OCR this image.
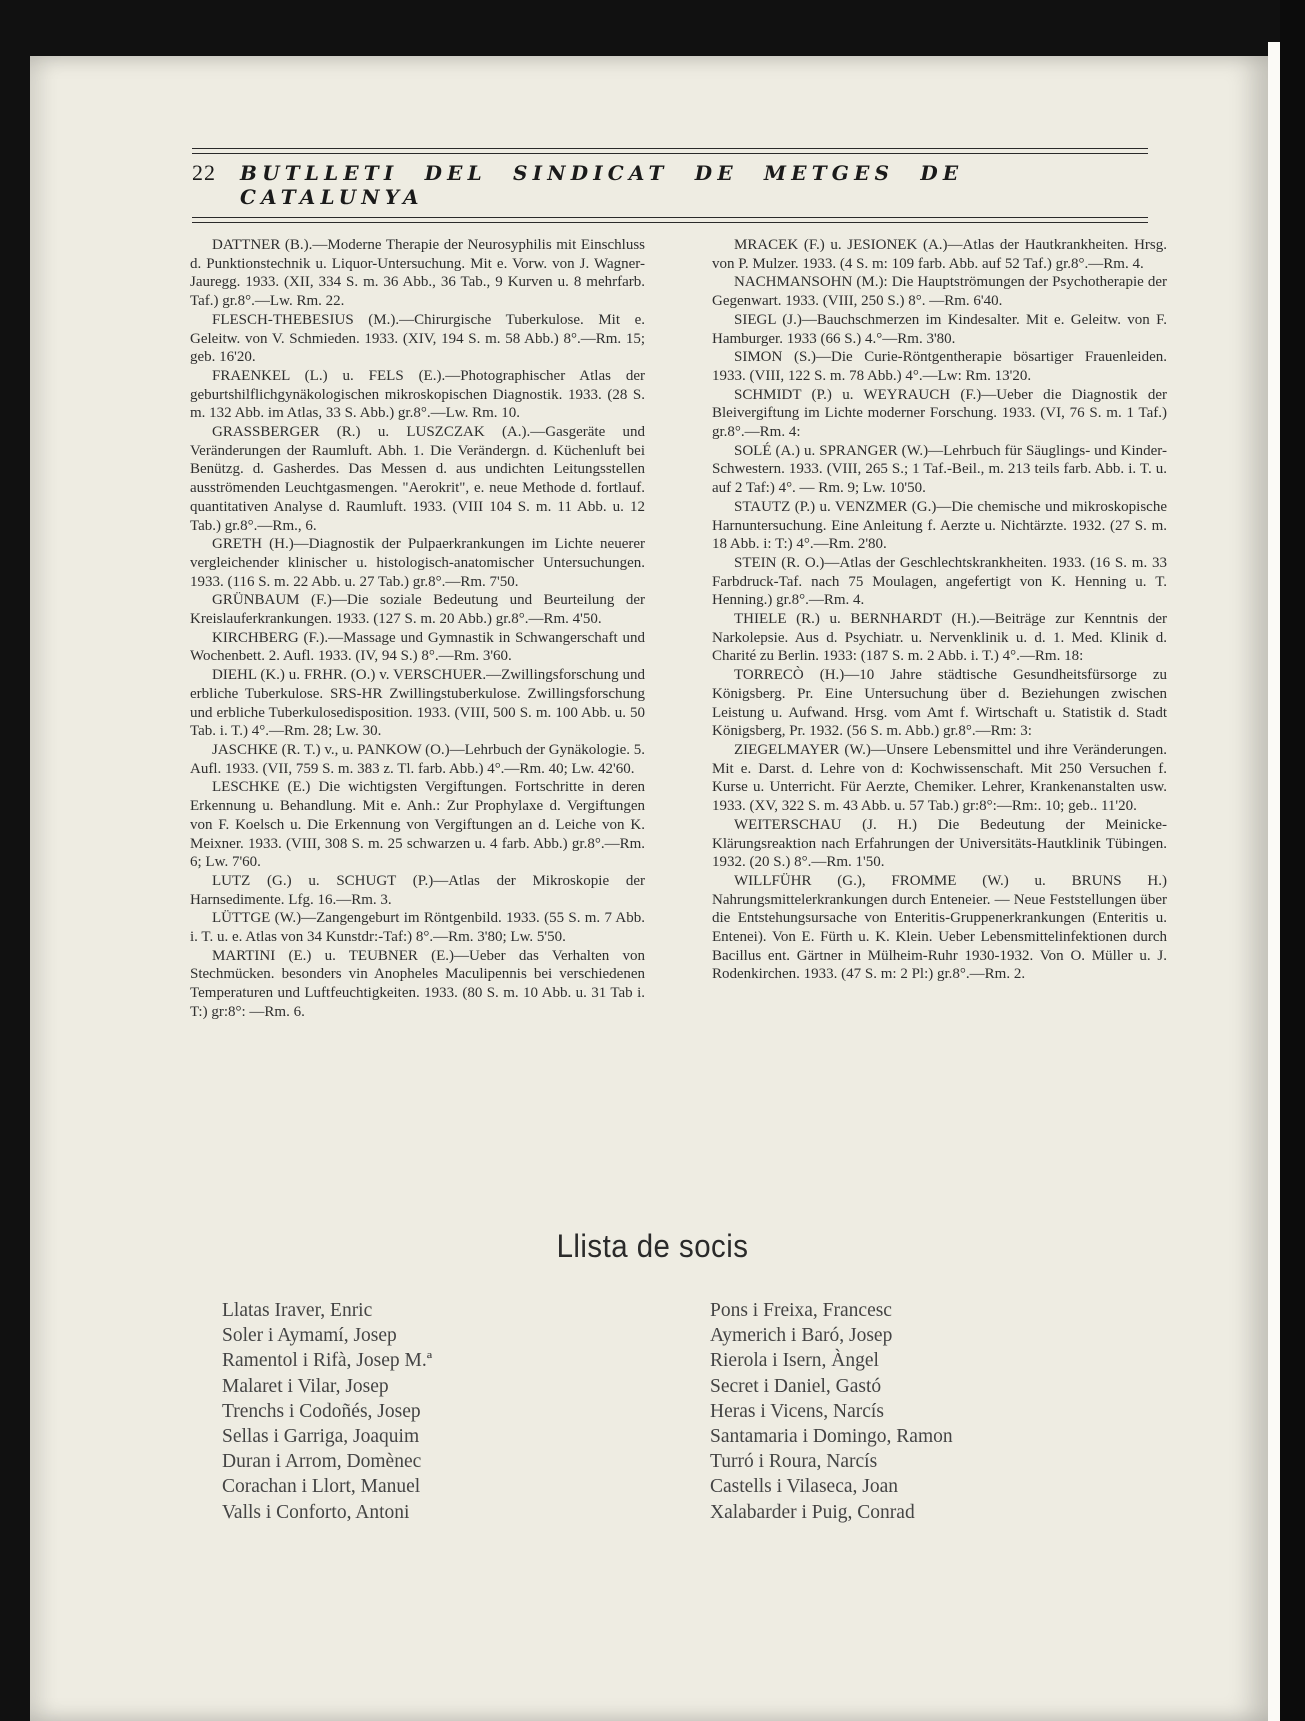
22 BUTLLETI DEL SINDICAT DE METGES DE CATALUNYA

DATTNER (B.).—Moderne Therapie der Neurosyphilis mit Einschluss d. Punktionstechnik u. Liquor-Untersuchung. Mit e. Vorw. von J. Wagner-Jauregg. 1933. (XII, 334 S. m. 36 Abb., 36 Tab., 9 Kurven u. 8 mehrfarb. Taf.) gr.8°.—Lw. Rm. 22.

FLESCH-THEBESIUS (M.).—Chirurgische Tuberkulose. Mit e. Geleitw. von V. Schmieden. 1933. (XIV, 194 S. m. 58 Abb.) 8°.—Rm. 15; geb. 16'20.

FRAENKEL (L.) u. FELS (E.).—Photographischer Atlas der geburtshilflichgynäkologischen mikroskopischen Diagnostik. 1933. (28 S. m. 132 Abb. im Atlas, 33 S. Abb.) gr.8°.—Lw. Rm. 10.

GRASSBERGER (R.) u. LUSZCZAK (A.).—Gasgeräte und Veränderungen der Raumluft. Abh. 1. Die Verändergn. d. Küchenluft bei Benützg. d. Gasherdes. Das Messen d. aus undichten Leitungsstellen ausströmenden Leuchtgasmengen. "Aerokrit", e. neue Methode d. fortlauf. quantitativen Analyse d. Raumluft. 1933. (VIII 104 S. m. 11 Abb. u. 12 Tab.) gr.8°.—Rm., 6.

GRETH (H.)—Diagnostik der Pulpaerkrankungen im Lichte neuerer vergleichender klinischer u. histologisch-anatomischer Untersuchungen. 1933. (116 S. m. 22 Abb. u. 27 Tab.) gr.8°.—Rm. 7'50.

GRÜNBAUM (F.)—Die soziale Bedeutung und Beurteilung der Kreislauferkrankungen. 1933. (127 S. m. 20 Abb.) gr.8°.—Rm. 4'50.

KIRCHBERG (F.).—Massage und Gymnastik in Schwangerschaft und Wochenbett. 2. Aufl. 1933. (IV, 94 S.) 8°.—Rm. 3'60.

DIEHL (K.) u. FRHR. (O.) v. VERSCHUER.—Zwillingsforschung und erbliche Tuberkulose. SRS-HR Zwillingstuberkulose. Zwillingsforschung und erbliche Tuberkulosedisposition. 1933. (VIII, 500 S. m. 100 Abb. u. 50 Tab. i. T.) 4°.—Rm. 28; Lw. 30.

JASCHKE (R. T.) v., u. PANKOW (O.)—Lehrbuch der Gynäkologie. 5. Aufl. 1933. (VII, 759 S. m. 383 z. Tl. farb. Abb.) 4°.—Rm. 40; Lw. 42'60.

LESCHKE (E.) Die wichtigsten Vergiftungen. Fortschritte in deren Erkennung u. Behandlung. Mit e. Anh.: Zur Prophylaxe d. Vergiftungen von F. Koelsch u. Die Erkennung von Vergiftungen an d. Leiche von K. Meixner. 1933. (VIII, 308 S. m. 25 schwarzen u. 4 farb. Abb.) gr.8°.—Rm. 6; Lw. 7'60.

LUTZ (G.) u. SCHUGT (P.)—Atlas der Mikroskopie der Harnsedimente. Lfg. 16.—Rm. 3.

LÜTTGE (W.)—Zangengeburt im Röntgenbild. 1933. (55 S. m. 7 Abb. i. T. u. e. Atlas von 34 Kunstdr:-Taf:) 8°.—Rm. 3'80; Lw. 5'50.

MARTINI (E.) u. TEUBNER (E.)—Ueber das Verhalten von Stechmücken. besonders vin Anopheles Maculipennis bei verschiedenen Temperaturen und Luftfeuchtigkeiten. 1933. (80 S. m. 10 Abb. u. 31 Tab i. T:) gr:8°: —Rm. 6.

MRACEK (F.) u. JESIONEK (A.)—Atlas der Hautkrankheiten. Hrsg. von P. Mulzer. 1933. (4 S. m: 109 farb. Abb. auf 52 Taf.) gr.8°.—Rm. 4.

NACHMANSOHN (M.): Die Hauptströmungen der Psychotherapie der Gegenwart. 1933. (VIII, 250 S.) 8°. —Rm. 6'40.

SIEGL (J.)—Bauchschmerzen im Kindesalter. Mit e. Geleitw. von F. Hamburger. 1933 (66 S.) 4.°—Rm. 3'80.

SIMON (S.)—Die Curie-Röntgentherapie bösartiger Frauenleiden. 1933. (VIII, 122 S. m. 78 Abb.) 4°.—Lw: Rm. 13'20.

SCHMIDT (P.) u. WEYRAUCH (F.)—Ueber die Diagnostik der Bleivergiftung im Lichte moderner Forschung. 1933. (VI, 76 S. m. 1 Taf.) gr.8°.—Rm. 4:

SOLÉ (A.) u. SPRANGER (W.)—Lehrbuch für Säuglings- und Kinder-Schwestern. 1933. (VIII, 265 S.; 1 Taf.-Beil., m. 213 teils farb. Abb. i. T. u. auf 2 Taf:) 4°. — Rm. 9; Lw. 10'50.

STAUTZ (P.) u. VENZMER (G.)—Die chemische und mikroskopische Harnuntersuchung. Eine Anleitung f. Aerzte u. Nichtärzte. 1932. (27 S. m. 18 Abb. i: T:) 4°.—Rm. 2'80.

STEIN (R. O.)—Atlas der Geschlechtskrankheiten. 1933. (16 S. m. 33 Farbdruck-Taf. nach 75 Moulagen, angefertigt von K. Henning u. T. Henning.) gr.8°.—Rm. 4.

THIELE (R.) u. BERNHARDT (H.).—Beiträge zur Kenntnis der Narkolepsie. Aus d. Psychiatr. u. Nervenklinik u. d. 1. Med. Klinik d. Charité zu Berlin. 1933: (187 S. m. 2 Abb. i. T.) 4°.—Rm. 18:

TORRECÒ (H.)—10 Jahre städtische Gesundheitsfürsorge zu Königsberg. Pr. Eine Untersuchung über d. Beziehungen zwischen Leistung u. Aufwand. Hrsg. vom Amt f. Wirtschaft u. Statistik d. Stadt Königsberg, Pr. 1932. (56 S. m. Abb.) gr.8°.—Rm: 3:

ZIEGELMAYER (W.)—Unsere Lebensmittel und ihre Veränderungen. Mit e. Darst. d. Lehre von d: Kochwissenschaft. Mit 250 Versuchen f. Kurse u. Unterricht. Für Aerzte, Chemiker. Lehrer, Krankenanstalten usw. 1933. (XV, 322 S. m. 43 Abb. u. 57 Tab.) gr:8°:—Rm:. 10; geb.. 11'20.

WEITERSCHAU (J. H.) Die Bedeutung der Meinicke-Klärungsreaktion nach Erfahrungen der Universitäts-Hautklinik Tübingen. 1932. (20 S.) 8°.—Rm. 1'50.

WILLFÜHR (G.), FROMME (W.) u. BRUNS H.) Nahrungsmittelerkrankungen durch Enteneier. — Neue Feststellungen über die Entstehungsursache von Enteritis-Gruppenerkrankungen (Enteritis u. Entenei). Von E. Fürth u. K. Klein. Ueber Lebensmittelinfektionen durch Bacillus ent. Gärtner in Mülheim-Ruhr 1930-1932. Von O. Müller u. J. Rodenkirchen. 1933. (47 S. m: 2 Pl:) gr.8°.—Rm. 2.

Llista de socis
Llatas Iraver, Enric
Soler i Aymamí, Josep
Ramentol i Rifà, Josep M.ª
Malaret i Vilar, Josep
Trenchs i Codoñés, Josep
Sellas i Garriga, Joaquim
Duran i Arrom, Domènec
Corachan i Llort, Manuel
Valls i Conforto, Antoni
Pons i Freixa, Francesc
Aymerich i Baró, Josep
Rierola i Isern, Àngel
Secret i Daniel, Gastó
Heras i Vicens, Narcís
Santamaria i Domingo, Ramon
Turró i Roura, Narcís
Castells i Vilaseca, Joan
Xalabarder i Puig, Conrad
